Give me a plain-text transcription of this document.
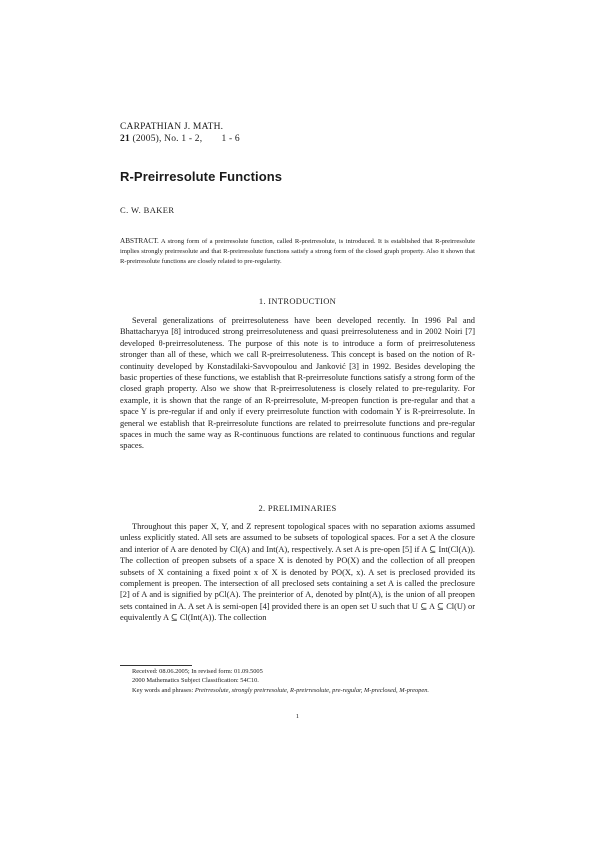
CARPATHIAN J. MATH.
21 (2005), No. 1 - 2, 1 - 6
R-Preirresolute Functions
C. W. BAKER
ABSTRACT. A strong form of a preirresolute function, called R-preirresolute, is introduced. It is established that R-preirresolute implies strongly preirresolute and that R-preirresolute functions satisfy a strong form of the closed graph property. Also it shown that R-preirresolute functions are closely related to pre-regularity.
1. INTRODUCTION
Several generalizations of preirresoluteness have been developed recently. In 1996 Pal and Bhattacharyya [8] introduced strong preirresoluteness and quasi preirresoluteness and in 2002 Noiri [7] developed θ-preirresoluteness. The purpose of this note is to introduce a form of preirresoluteness stronger than all of these, which we call R-preirresoluteness. This concept is based on the notion of R-continuity developed by Konstadilaki-Savvopoulou and Janković [3] in 1992. Besides developing the basic properties of these functions, we establish that R-preirresolute functions satisfy a strong form of the closed graph property. Also we show that R-preirresoluteness is closely related to pre-regularity. For example, it is shown that the range of an R-preirresolute, M-preopen function is pre-regular and that a space Y is pre-regular if and only if every preirresolute function with codomain Y is R-preirresolute. In general we establish that R-preirresolute functions are related to preirresolute functions and pre-regular spaces in much the same way as R-continuous functions are related to continuous functions and regular spaces.
2. PRELIMINARIES
Throughout this paper X, Y, and Z represent topological spaces with no separation axioms assumed unless explicitly stated. All sets are assumed to be subsets of topological spaces. For a set A the closure and interior of A are denoted by Cl(A) and Int(A), respectively. A set A is pre-open [5] if A ⊆ Int(Cl(A)). The collection of preopen subsets of a space X is denoted by PO(X) and the collection of all preopen subsets of X containing a fixed point x of X is denoted by PO(X, x). A set is preclosed provided its complement is preopen. The intersection of all preclosed sets containing a set A is called the preclosure [2] of A and is signified by pCl(A). The preinterior of A, denoted by pInt(A), is the union of all preopen sets contained in A. A set A is semi-open [4] provided there is an open set U such that U ⊆ A ⊆ Cl(U) or equivalently A ⊆ Cl(Int(A)). The collection
Received: 08.06.2005; In revised form: 01.09.5005
2000 Mathematics Subject Classification: 54C10.
Key words and phrases: Preirresolute, strongly preirresolute, R-preirresolute, pre-regular, M-preclosed, M-preopen.
1
